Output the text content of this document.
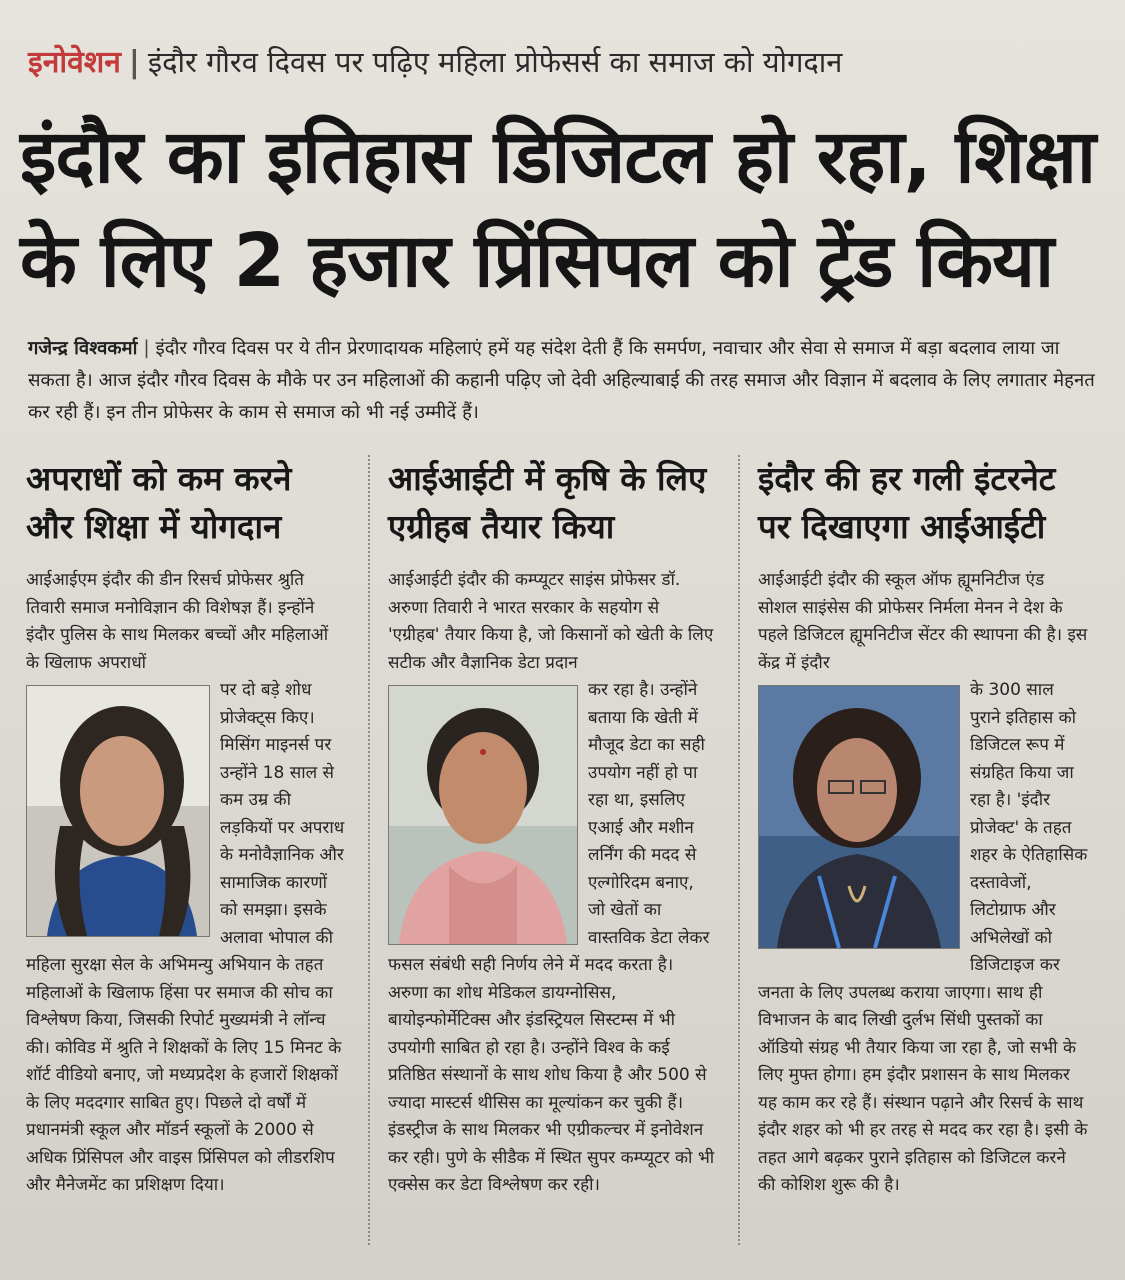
इनोवेशन | इंदौर गौरव दिवस पर पढ़िए महिला प्रोफेसर्स का समाज को योगदान
इंदौर का इतिहास डिजिटल हो रहा, शिक्षा के लिए 2 हजार प्रिंसिपल को ट्रेंड किया
गजेन्द्र विश्वकर्मा | इंदौर गौरव दिवस पर ये तीन प्रेरणादायक महिलाएं हमें यह संदेश देती हैं कि समर्पण, नवाचार और सेवा से समाज में बड़ा बदलाव लाया जा सकता है। आज इंदौर गौरव दिवस के मौके पर उन महिलाओं की कहानी पढ़िए जो देवी अहिल्याबाई की तरह समाज और विज्ञान में बदलाव के लिए लगातार मेहनत कर रही हैं। इन तीन प्रोफेसर के काम से समाज को भी नई उम्मीदें हैं।
अपराधों को कम करने और शिक्षा में योगदान

आईआईएम इंदौर की डीन रिसर्च प्रोफेसर श्रुति तिवारी समाज मनोविज्ञान की विशेषज्ञ हैं। इन्होंने इंदौर पुलिस के साथ मिलकर बच्चों और महिलाओं के खिलाफ अपराधों

पर दो बड़े शोध प्रोजेक्ट्स किए। मिसिंग माइनर्स पर उन्होंने 18 साल से कम उम्र की लड़कियों पर अपराध के मनोवैज्ञानिक और सामाजिक कारणों को समझा। इसके अलावा भोपाल की महिला सुरक्षा सेल के अभिमन्यु अभियान के तहत महिलाओं के खिलाफ हिंसा पर समाज की सोच का विश्लेषण किया, जिसकी रिपोर्ट मुख्यमंत्री ने लॉन्च की। कोविड में श्रुति ने शिक्षकों के लिए 15 मिनट के शॉर्ट वीडियो बनाए, जो मध्यप्रदेश के हजारों शिक्षकों के लिए मददगार साबित हुए। पिछले दो वर्षों में प्रधानमंत्री स्कूल और मॉडर्न स्कूलों के 2000 से अधिक प्रिंसिपल और वाइस प्रिंसिपल को लीडरशिप और मैनेजमेंट का प्रशिक्षण दिया।

आईआईटी में कृषि के लिए एग्रीहब तैयार किया

आईआईटी इंदौर की कम्प्यूटर साइंस प्रोफेसर डॉ. अरुणा तिवारी ने भारत सरकार के सहयोग से 'एग्रीहब' तैयार किया है, जो किसानों को खेती के लिए सटीक और वैज्ञानिक डेटा प्रदान

कर रहा है। उन्होंने बताया कि खेती में मौजूद डेटा का सही उपयोग नहीं हो पा रहा था, इसलिए एआई और मशीन लर्निंग की मदद से एल्गोरिदम बनाए, जो खेतों का वास्तविक डेटा लेकर फसल संबंधी सही निर्णय लेने में मदद करता है। अरुणा का शोध मेडिकल डायग्नोसिस, बायोइन्फोर्मेटिक्स और इंडस्ट्रियल सिस्टम्स में भी उपयोगी साबित हो रहा है। उन्होंने विश्व के कई प्रतिष्ठित संस्थानों के साथ शोध किया है और 500 से ज्यादा मास्टर्स थीसिस का मूल्यांकन कर चुकी हैं। इंडस्ट्रीज के साथ मिलकर भी एग्रीकल्चर में इनोवेशन कर रही। पुणे के सीडैक में स्थित सुपर कम्प्यूटर को भी एक्सेस कर डेटा विश्लेषण कर रही।

इंदौर की हर गली इंटरनेट पर दिखाएगा आईआईटी

आईआईटी इंदौर की स्कूल ऑफ ह्यूमनिटीज एंड सोशल साइंसेस की प्रोफेसर निर्मला मेनन ने देश के पहले डिजिटल ह्यूमनिटीज सेंटर की स्थापना की है। इस केंद्र में इंदौर

के 300 साल पुराने इतिहास को डिजिटल रूप में संग्रहित किया जा रहा है। 'इंदौर प्रोजेक्ट' के तहत शहर के ऐतिहासिक दस्तावेजों, लिटोग्राफ और अभिलेखों को डिजिटाइज कर जनता के लिए उपलब्ध कराया जाएगा। साथ ही विभाजन के बाद लिखी दुर्लभ सिंधी पुस्तकों का ऑडियो संग्रह भी तैयार किया जा रहा है, जो सभी के लिए मुफ्त होगा। हम इंदौर प्रशासन के साथ मिलकर यह काम कर रहे हैं। संस्थान पढ़ाने और रिसर्च के साथ इंदौर शहर को भी हर तरह से मदद कर रहा है। इसी के तहत आगे बढ़कर पुराने इतिहास को डिजिटल करने की कोशिश शुरू की है।
